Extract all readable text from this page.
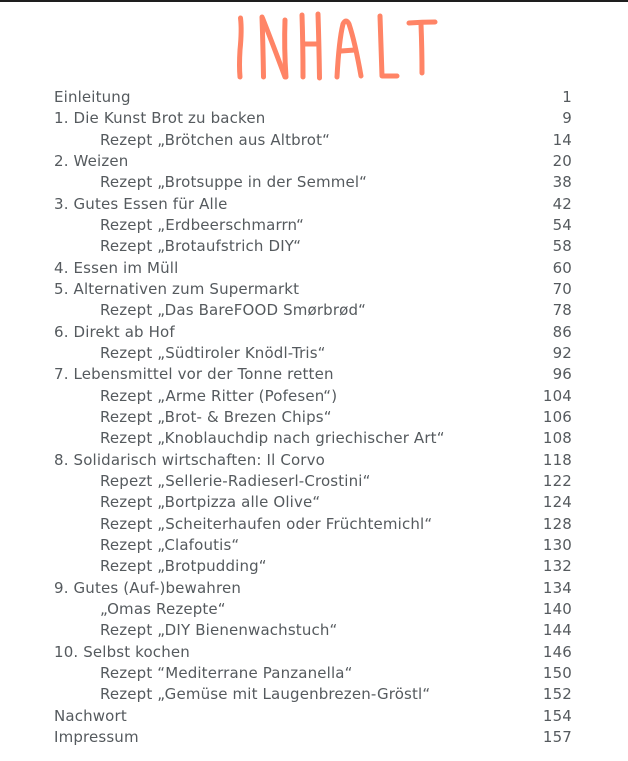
Einleitung	1
1. Die Kunst Brot zu backen	9
Rezept „Brötchen aus Altbrot“	14
2. Weizen	20
Rezept „Brotsuppe in der Semmel“	38
3. Gutes Essen für Alle	42
Rezept „Erdbeerschmarrn“	54
Rezept „Brotaufstrich DIY“	58
4. Essen im Müll	60
5. Alternativen zum Supermarkt	70
Rezept „Das BareFOOD Smørbrød“	78
6. Direkt ab Hof	86
Rezept „Südtiroler Knödl-Tris“	92
7. Lebensmittel vor der Tonne retten	96
Rezept „Arme Ritter (Pofesen“)	104
Rezept „Brot- & Brezen Chips“	106
Rezept „Knoblauchdip nach griechischer Art“	108
8. Solidarisch wirtschaften: Il Corvo	118
Repezt „Sellerie-Radieserl-Crostini“	122
Rezept „Bortpizza alle Olive“	124
Rezept „Scheiterhaufen oder Früchtemichl“	128
Rezept „Clafoutis“	130
Rezept „Brotpudding“	132
9. Gutes (Auf-)bewahren	134
„Omas Rezepte“	140
Rezept „DIY Bienenwachstuch“	144
10. Selbst kochen	146
Rezept “Mediterrane Panzanella“	150
Rezept „Gemüse mit Laugenbrezen-Gröstl“	152
Nachwort	154
Impressum	157
